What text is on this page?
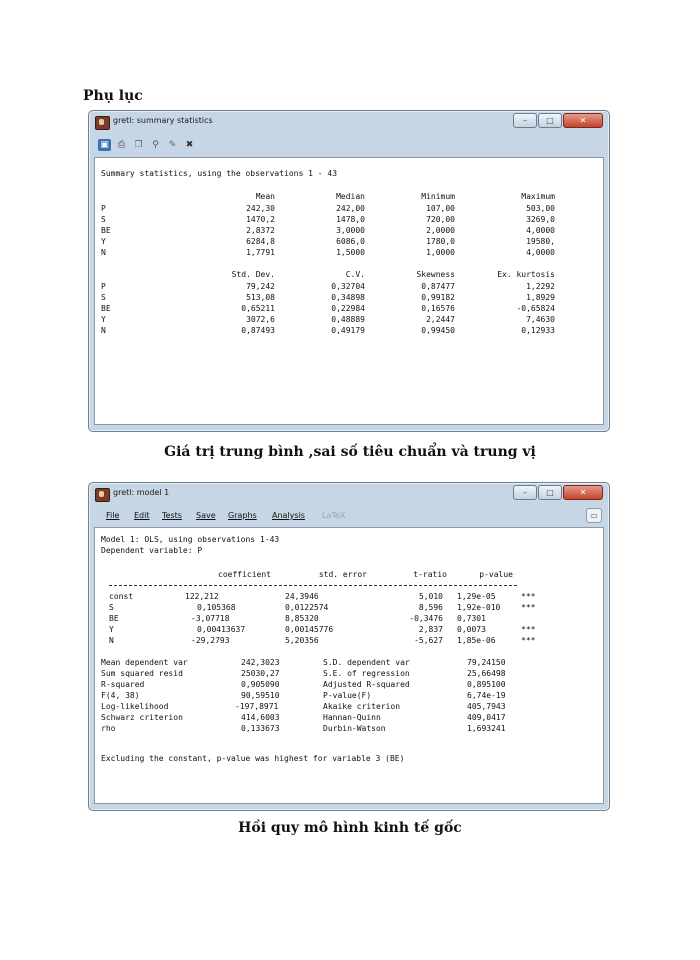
Phụ lục
gretl: summary statistics	–	□	✕
▣	⎙	❐	⚲	✎	✖
Summary statistics, using the observations 1 - 43
Mean	Median	Minimum	Maximum
P	242,30	242,00	107,00	503,00
S	1470,2	1478,0	720,00	3269,0
BE	2,8372	3,0000	2,0000	4,0000
Y	6284,8	6086,0	1780,0	19580,
N	1,7791	1,5000	1,0000	4,0000
Std. Dev.	C.V.	Skewness	Ex. kurtosis
P	79,242	0,32704	0,87477	1,2292
S	513,08	0,34898	0,99182	1,8929
BE	0,65211	0,22984	0,16576	-0,65824
Y	3072,6	0,48889	2,2447	7,4630
N	0,87493	0,49179	0,99450	0,12933
Giá trị trung bình ,sai số tiêu chuẩn và trung vị
gretl: model 1	–	□	✕
File Edit Tests Save Graphs Analysis LaTeX	▭
Model 1: OLS, using observations 1-43
Dependent variable: P
coefficient	std. error	t-ratio	p-value
const	122,212	24,3946	5,010 1,29e-05	***
S	0,105368	0,0122574	8,596 1,92e-010	***
BE	-3,07718	8,85320	-0,3476 0,7301
Y	0,00413637	0,00145776	2,837 0,0073	***
N	-29,2793	5,20356	-5,627 1,85e-06	***
Mean dependent var	242,3023	S.D. dependent var	79,24150
Sum squared resid	25030,27	S.E. of regression	25,66498
R-squared	0,905090	Adjusted R-squared	0,895100
F(4, 38)	90,59510	P-value(F)	6,74e-19
Log-likelihood	-197,8971	Akaike criterion	405,7943
Schwarz criterion	414,6003	Hannan-Quinn	409,0417
rho	0,133673	Durbin-Watson	1,693241
Excluding the constant, p-value was highest for variable 3 (BE)
Hồi quy mô hình kinh tế gốc
